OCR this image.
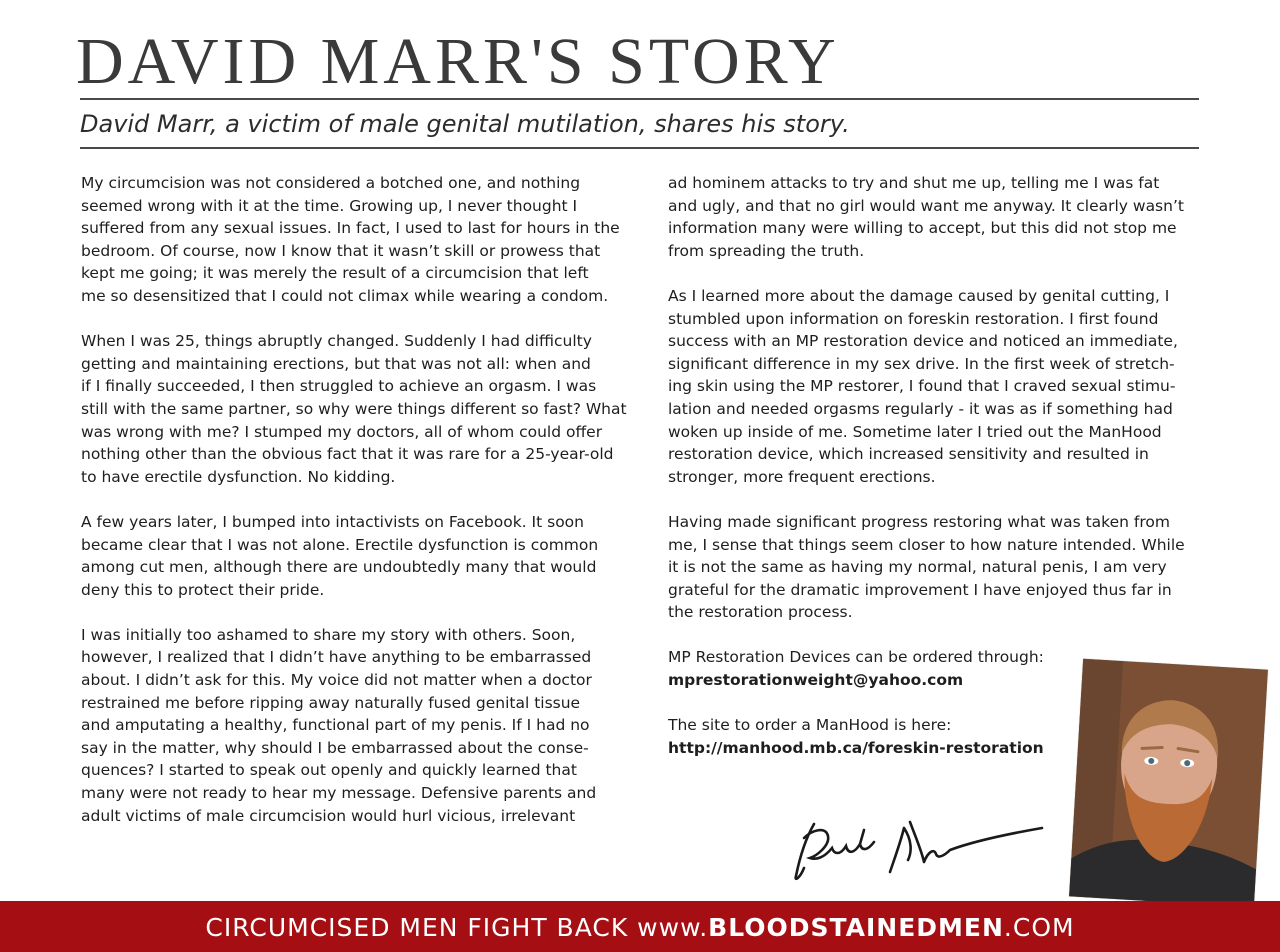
DAVID MARR'S STORY
David Marr, a victim of male genital mutilation, shares his story.

My circumcision was not considered a botched one, and nothing
seemed wrong with it at the time. Growing up, I never thought I
suffered from any sexual issues. In fact, I used to last for hours in the
bedroom. Of course, now I know that it wasn’t skill or prowess that
kept me going; it was merely the result of a circumcision that left
me so desensitized that I could not climax while wearing a condom.

When I was 25, things abruptly changed. Suddenly I had difficulty
getting and maintaining erections, but that was not all: when and
if I finally succeeded, I then struggled to achieve an orgasm. I was
still with the same partner, so why were things different so fast? What
was wrong with me? I stumped my doctors, all of whom could offer
nothing other than the obvious fact that it was rare for a 25-year-old
to have erectile dysfunction. No kidding.

A few years later, I bumped into intactivists on Facebook. It soon
became clear that I was not alone. Erectile dysfunction is common
among cut men, although there are undoubtedly many that would
deny this to protect their pride.

I was initially too ashamed to share my story with others. Soon,
however, I realized that I didn’t have anything to be embarrassed
about. I didn’t ask for this. My voice did not matter when a doctor
restrained me before ripping away naturally fused genital tissue
and amputating a healthy, functional part of my penis. If I had no
say in the matter, why should I be embarrassed about the conse-
quences? I started to speak out openly and quickly learned that
many were not ready to hear my message. Defensive parents and
adult victims of male circumcision would hurl vicious, irrelevant

ad hominem attacks to try and shut me up, telling me I was fat
and ugly, and that no girl would want me anyway. It clearly wasn’t
information many were willing to accept, but this did not stop me
from spreading the truth.

As I learned more about the damage caused by genital cutting, I
stumbled upon information on foreskin restoration. I first found
success with an MP restoration device and noticed an immediate,
significant difference in my sex drive. In the first week of stretch-
ing skin using the MP restorer, I found that I craved sexual stimu-
lation and needed orgasms regularly - it was as if something had
woken up inside of me. Sometime later I tried out the ManHood
restoration device, which increased sensitivity and resulted in
stronger, more frequent erections.

Having made significant progress restoring what was taken from
me, I sense that things seem closer to how nature intended. While
it is not the same as having my normal, natural penis, I am very
grateful for the dramatic improvement I have enjoyed thus far in
the restoration process.

MP Restoration Devices can be ordered through:
mprestorationweight@yahoo.com

The site to order a ManHood is here:
http://manhood.mb.ca/foreskin-restoration

CIRCUMCISED MEN FIGHT BACK www.BLOODSTAINEDMEN.COM
